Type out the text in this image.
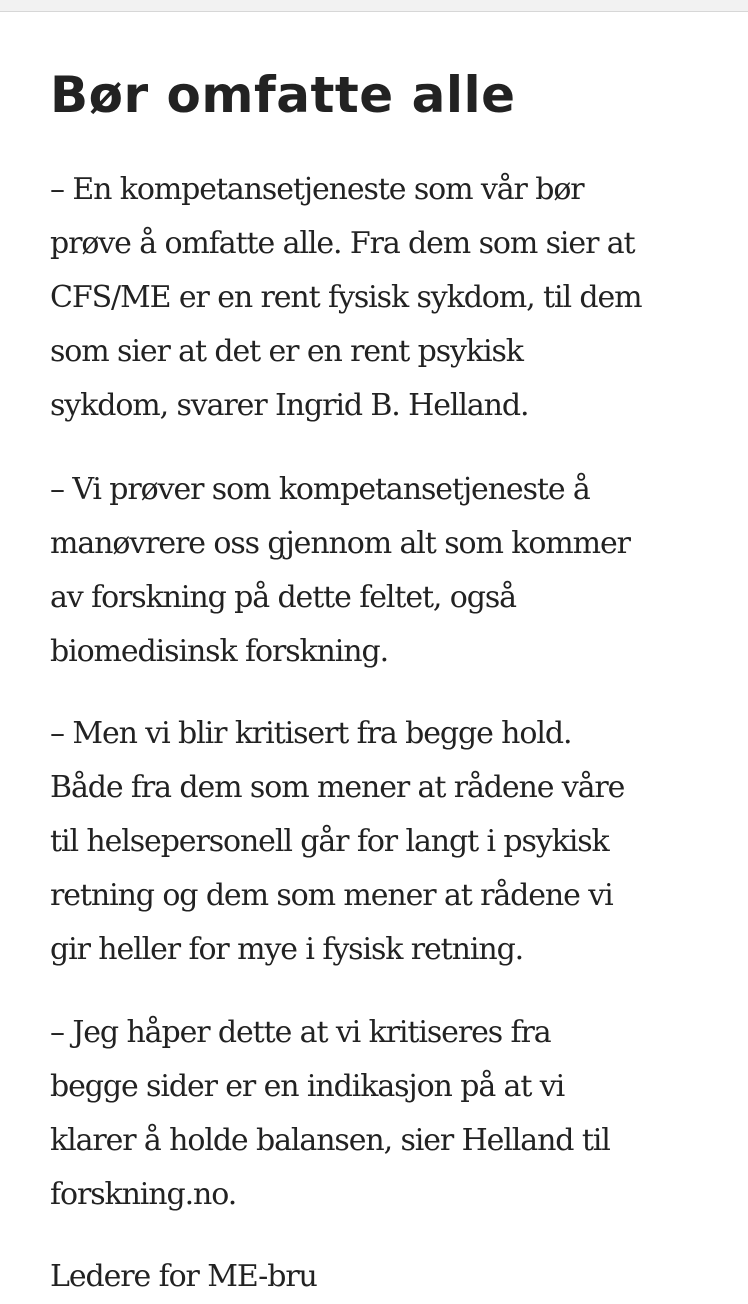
Bør omfatte alle

– En kompetansetjeneste som vår bør
prøve å omfatte alle. Fra dem som sier at
CFS/ME er en rent fysisk sykdom, til dem
som sier at det er en rent psykisk
sykdom, svarer Ingrid B. Helland.

– Vi prøver som kompetansetjeneste å
manøvrere oss gjennom alt som kommer
av forskning på dette feltet, også
biomedisinsk forskning.

– Men vi blir kritisert fra begge hold.
Både fra dem som mener at rådene våre
til helsepersonell går for langt i psykisk
retning og dem som mener at rådene vi
gir heller for mye i fysisk retning.

– Jeg håper dette at vi kritiseres fra
begge sider er en indikasjon på at vi
klarer å holde balansen, sier Helland til
forskning.no.

Ledere for ME-bru
